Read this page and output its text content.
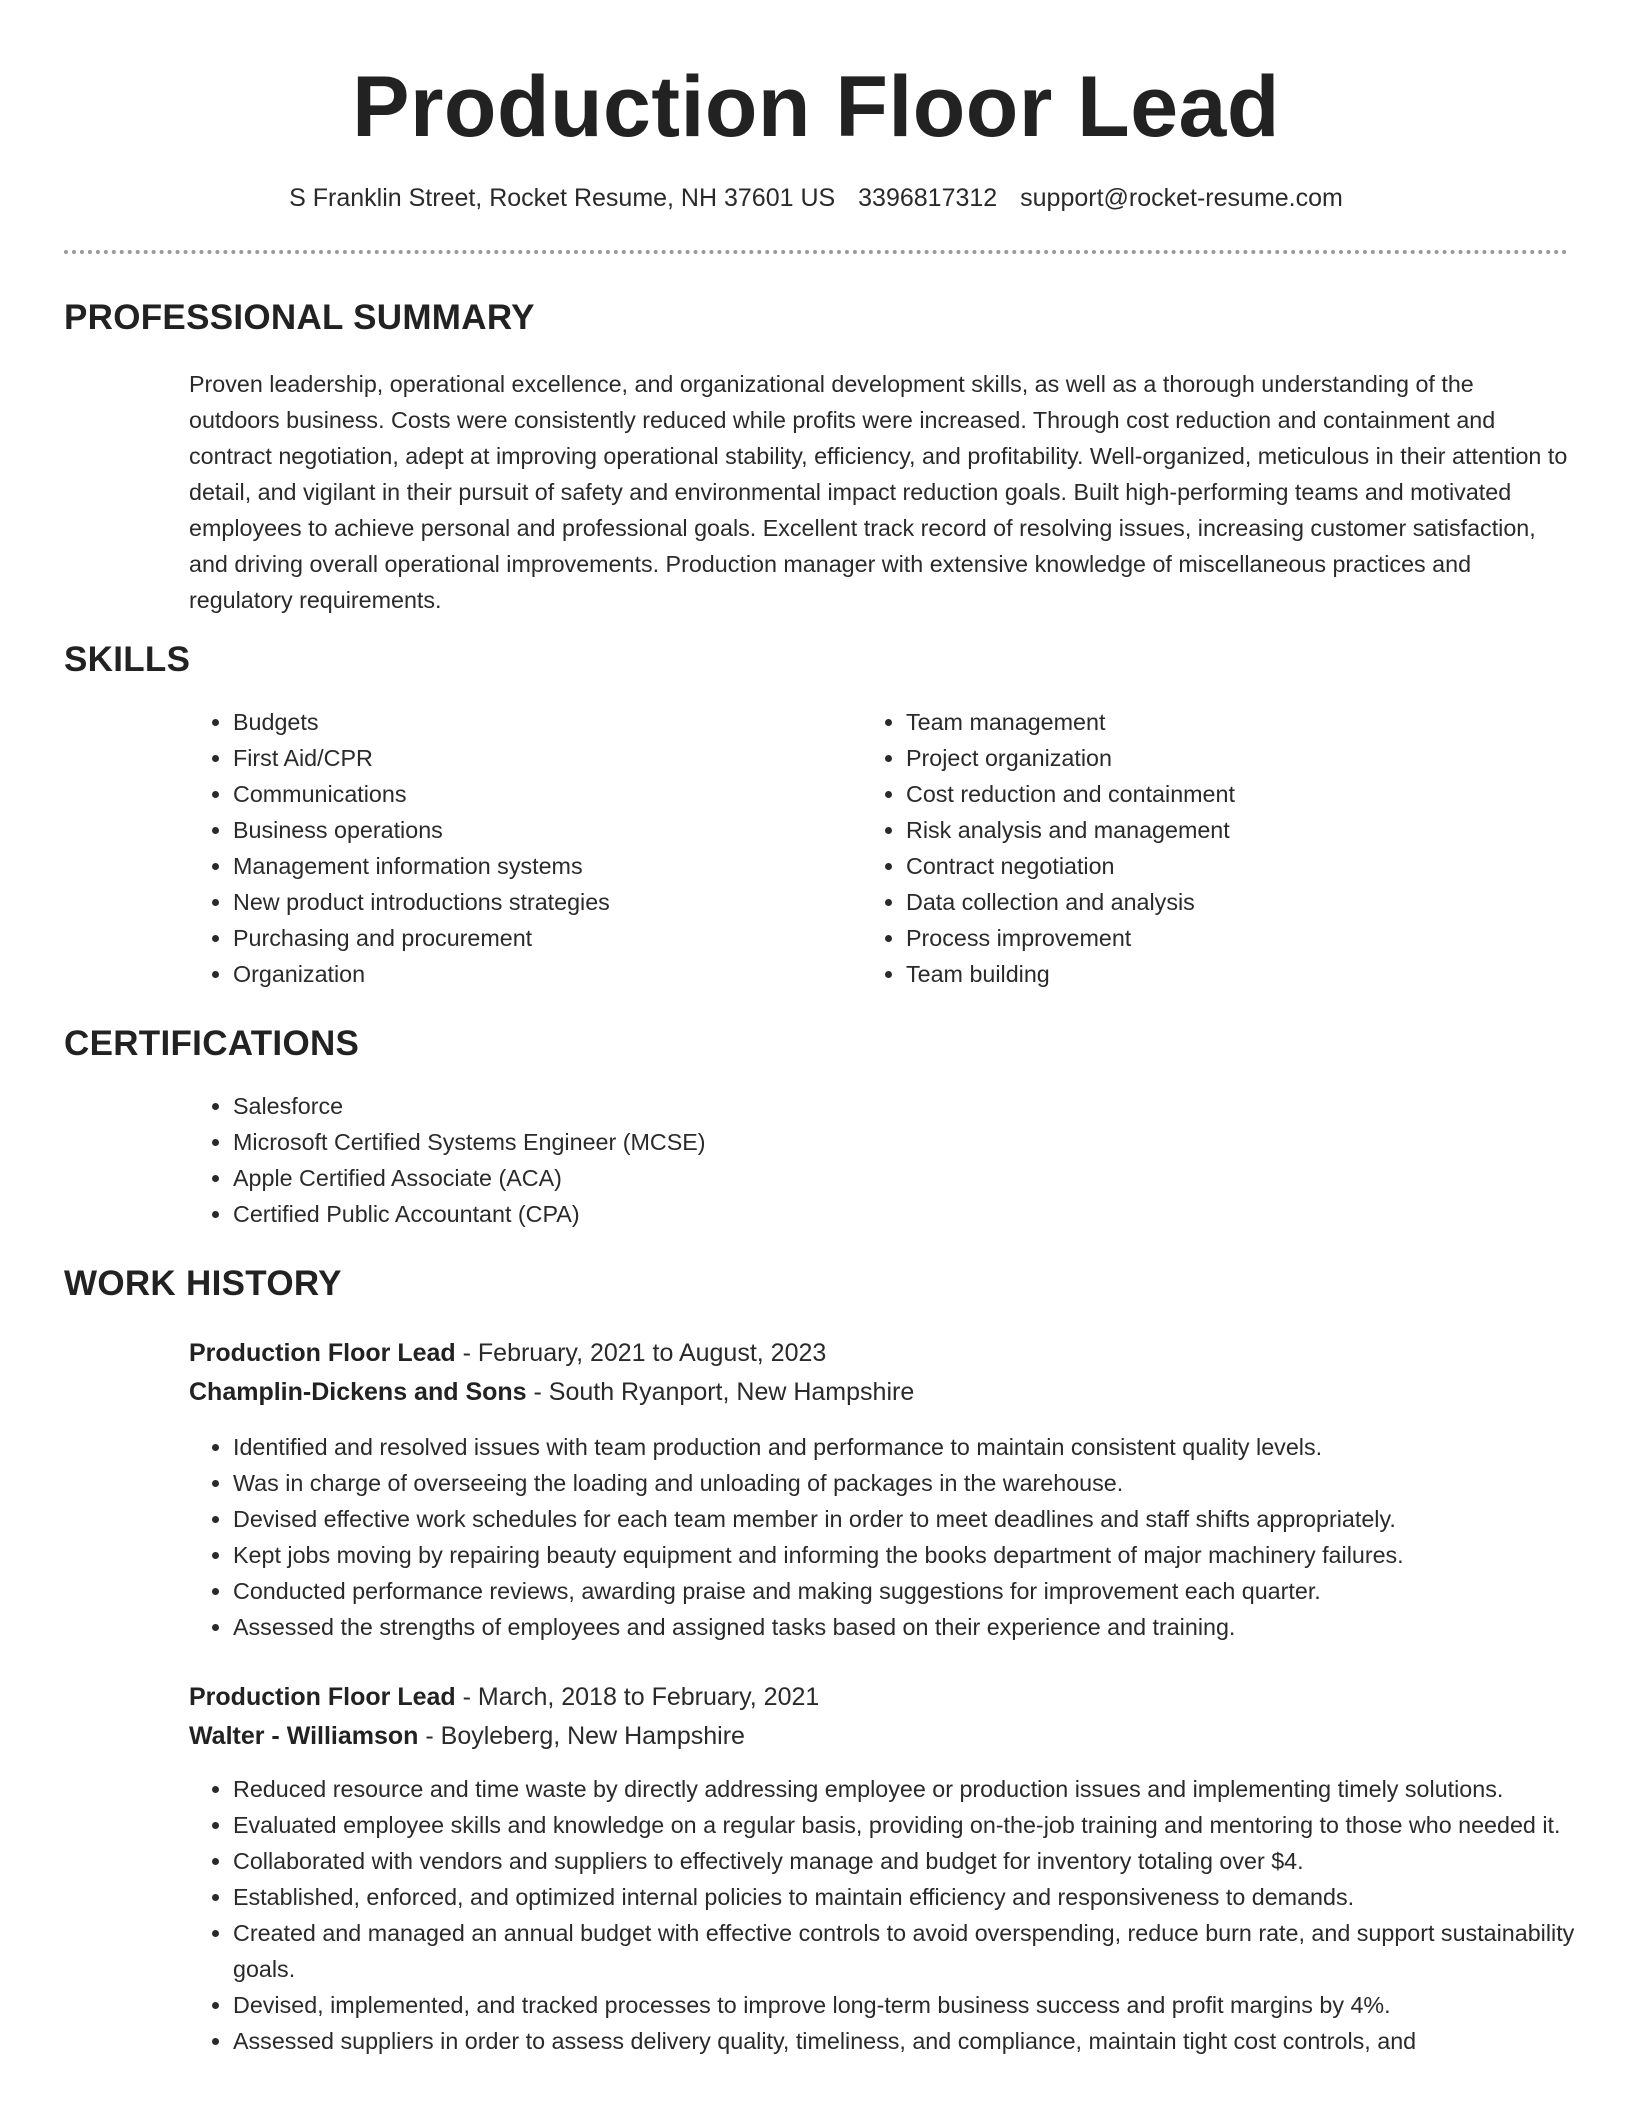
Production Floor Lead
S Franklin Street, Rocket Resume, NH 37601 US 3396817312 support@rocket-resume.com
PROFESSIONAL SUMMARY

Proven leadership, operational excellence, and organizational development skills, as well as a thorough understanding of the outdoors business. Costs were consistently reduced while profits were increased. Through cost reduction and containment and contract negotiation, adept at improving operational stability, efficiency, and profitability. Well-organized, meticulous in their attention to detail, and vigilant in their pursuit of safety and environmental impact reduction goals. Built high-performing teams and motivated employees to achieve personal and professional goals. Excellent track record of resolving issues, increasing customer satisfaction, and driving overall operational improvements. Production manager with extensive knowledge of miscellaneous practices and regulatory requirements.

SKILLS
• Budgets
• First Aid/CPR
• Communications
• Business operations
• Management information systems
• New product introductions strategies
• Purchasing and procurement
• Organization
• Team management
• Project organization
• Cost reduction and containment
• Risk analysis and management
• Contract negotiation
• Data collection and analysis
• Process improvement
• Team building
CERTIFICATIONS
• Salesforce
• Microsoft Certified Systems Engineer (MCSE)
• Apple Certified Associate (ACA)
• Certified Public Accountant (CPA)
WORK HISTORY
Production Floor Lead - February, 2021 to August, 2023
Champlin-Dickens and Sons - South Ryanport, New Hampshire
• Identified and resolved issues with team production and performance to maintain consistent quality levels.
• Was in charge of overseeing the loading and unloading of packages in the warehouse.
• Devised effective work schedules for each team member in order to meet deadlines and staff shifts appropriately.
• Kept jobs moving by repairing beauty equipment and informing the books department of major machinery failures.
• Conducted performance reviews, awarding praise and making suggestions for improvement each quarter.
• Assessed the strengths of employees and assigned tasks based on their experience and training.
Production Floor Lead - March, 2018 to February, 2021
Walter - Williamson - Boyleberg, New Hampshire
• Reduced resource and time waste by directly addressing employee or production issues and implementing timely solutions.
• Evaluated employee skills and knowledge on a regular basis, providing on-the-job training and mentoring to those who needed it.
• Collaborated with vendors and suppliers to effectively manage and budget for inventory totaling over $4.
• Established, enforced, and optimized internal policies to maintain efficiency and responsiveness to demands.
• Created and managed an annual budget with effective controls to avoid overspending, reduce burn rate, and support sustainability goals.
• Devised, implemented, and tracked processes to improve long-term business success and profit margins by 4%.
• Assessed suppliers in order to assess delivery quality, timeliness, and compliance, maintain tight cost controls, and
